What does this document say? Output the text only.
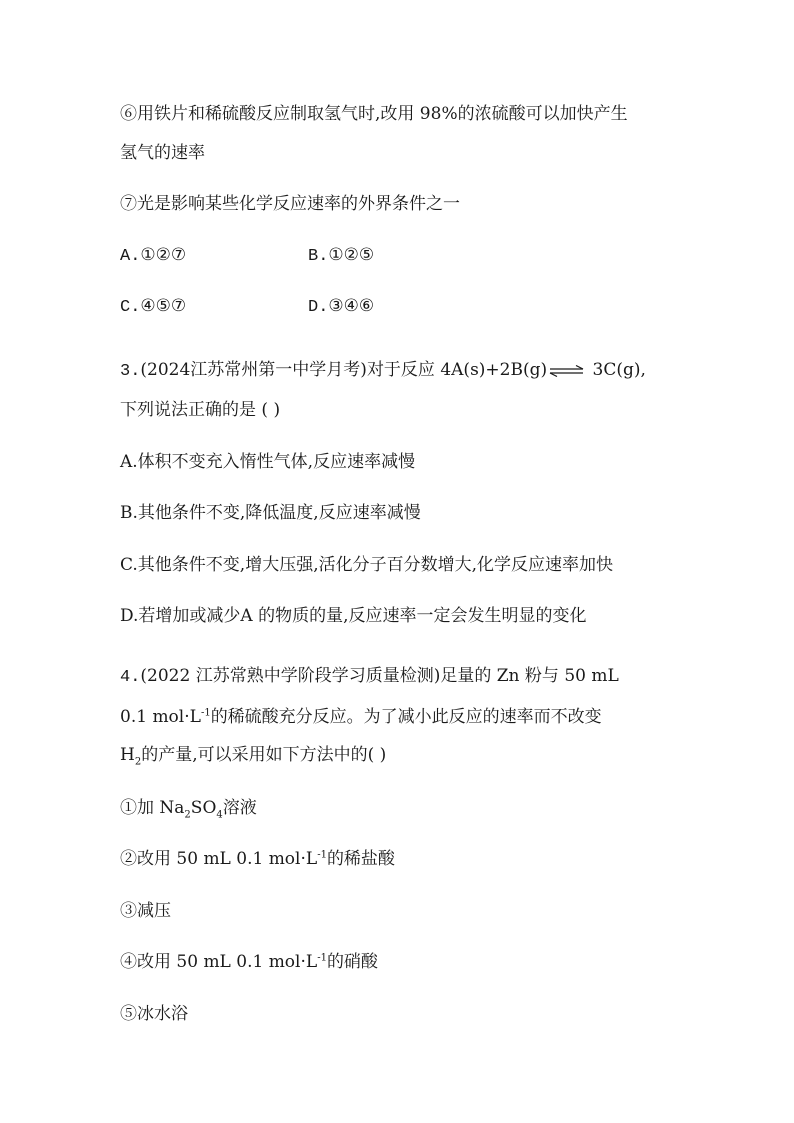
⑥用铁片和稀硫酸反应制取氢气时,改用 98%的浓硫酸可以加快产生
氢气的速率
⑦光是影响某些化学反应速率的外界条件之一
A.①②⑦	B.①②⑤
C.④⑤⑦	D.③④⑥
3.(2024江苏常州第一中学月考)对于反应 4A(s)+2B(g) ⇌ 3C(g),
下列说法正确的是 ( )
A.体积不变充入惰性气体,反应速率减慢
B.其他条件不变,降低温度,反应速率减慢
C.其他条件不变,增大压强,活化分子百分数增大,化学反应速率加快
D.若增加或减少A 的物质的量,反应速率一定会发生明显的变化
4.(2022 江苏常熟中学阶段学习质量检测)足量的 Zn 粉与 50 mL
0.1 $mol\cdot L^{-1}$的稀硫酸充分反应。为了减小此反应的速率而不改变
$H_2$的产量,可以采用如下方法中的( )
①加 $Na_2SO_4$溶液
②改用 50 mL 0.1 $mol\cdot L^{-1}$的稀盐酸
③减压
④改用 50 mL 0.1 $mol\cdot L^{-1}$的硝酸
⑤冰水浴
